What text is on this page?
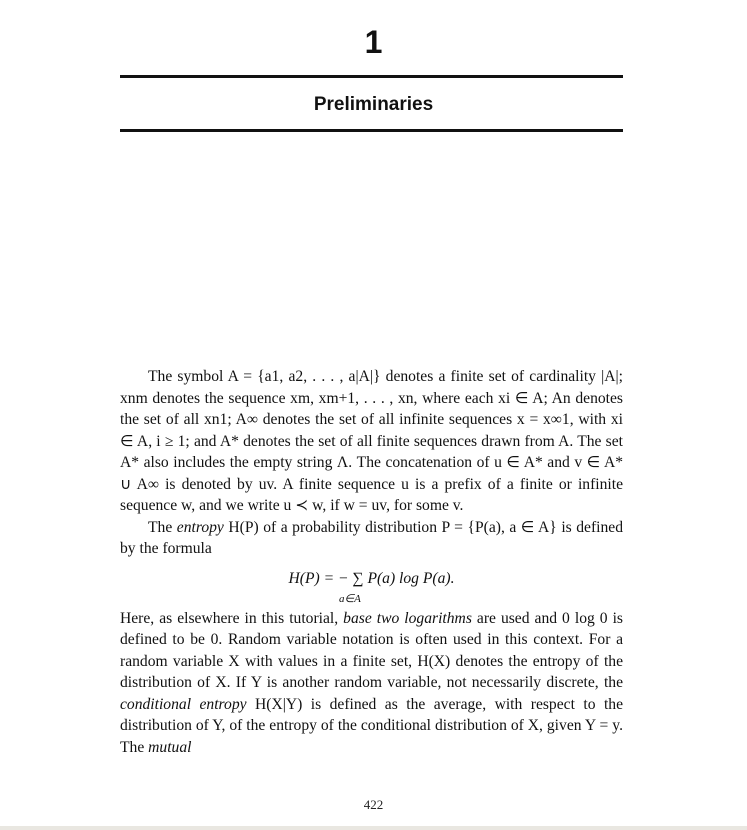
1
Preliminaries

The symbol A = {a1, a2, . . . , a|A|} denotes a finite set of cardinality |A|; xnm denotes the sequence xm, xm+1, . . . , xn, where each xi ∈ A; An denotes the set of all xn1; A∞ denotes the set of all infinite sequences x = x∞1, with xi ∈ A, i ≥ 1; and A* denotes the set of all finite sequences drawn from A. The set A* also includes the empty string Λ. The concatenation of u ∈ A* and v ∈ A* ∪ A∞ is denoted by uv. A finite sequence u is a prefix of a finite or infinite sequence w, and we write u ≺ w, if w = uv, for some v.

The entropy H(P) of a probability distribution P = {P(a), a ∈ A} is defined by the formula

H(P) = − ∑ P(a) log P(a).
a∈A

Here, as elsewhere in this tutorial, base two logarithms are used and 0 log 0 is defined to be 0. Random variable notation is often used in this context. For a random variable X with values in a finite set, H(X) denotes the entropy of the distribution of X. If Y is another random variable, not necessarily discrete, the conditional entropy H(X|Y) is defined as the average, with respect to the distribution of Y, of the entropy of the conditional distribution of X, given Y = y. The mutual

422
